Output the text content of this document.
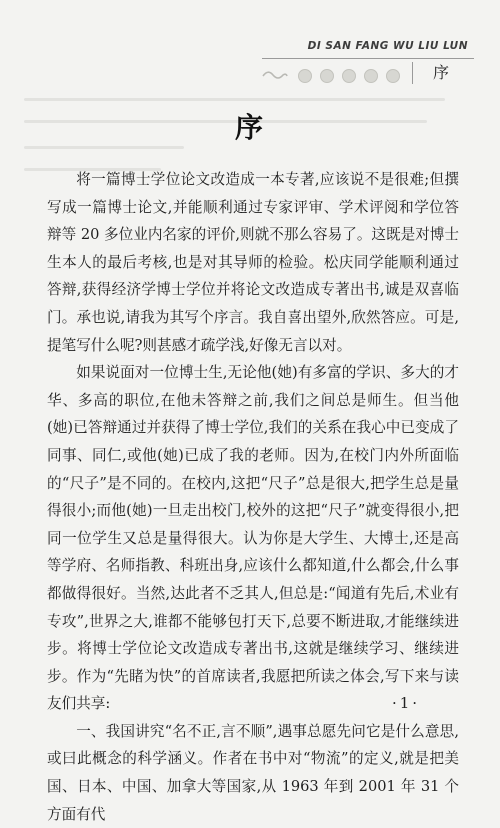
DI SAN FANG WU LIU LUN
序
序

将一篇博士学位论文改造成一本专著,应该说不是很难;但撰写成一篇博士论文,并能顺利通过专家评审、学术评阅和学位答辩等 20 多位业内名家的评价,则就不那么容易了。这既是对博士生本人的最后考核,也是对其导师的检验。松庆同学能顺利通过答辩,获得经济学博士学位并将论文改造成专著出书,诚是双喜临门。承也说,请我为其写个序言。我自喜出望外,欣然答应。可是,提笔写什么呢?则甚感才疏学浅,好像无言以对。

如果说面对一位博士生,无论他(她)有多富的学识、多大的才华、多高的职位,在他未答辩之前,我们之间总是师生。但当他(她)已答辩通过并获得了博士学位,我们的关系在我心中已变成了同事、同仁,或他(她)已成了我的老师。因为,在校门内外所面临的“尺子”是不同的。在校内,这把“尺子”总是很大,把学生总是量得很小;而他(她)一旦走出校门,校外的这把“尺子”就变得很小,把同一位学生又总是量得很大。认为你是大学生、大博士,还是高等学府、名师指教、科班出身,应该什么都知道,什么都会,什么事都做得很好。当然,达此者不乏其人,但总是:“闻道有先后,术业有专攻”,世界之大,谁都不能够包打天下,总要不断进取,才能继续进步。将博士学位论文改造成专著出书,这就是继续学习、继续进步。作为“先睹为快”的首席读者,我愿把所读之体会,写下来与读友们共享:

一、我国讲究“名不正,言不顺”,遇事总愿先问它是什么意思,或曰此概念的科学涵义。作者在书中对“物流”的定义,就是把美国、日本、中国、加拿大等国家,从 1963 年到 2001 年 31 个方面有代

·1·
